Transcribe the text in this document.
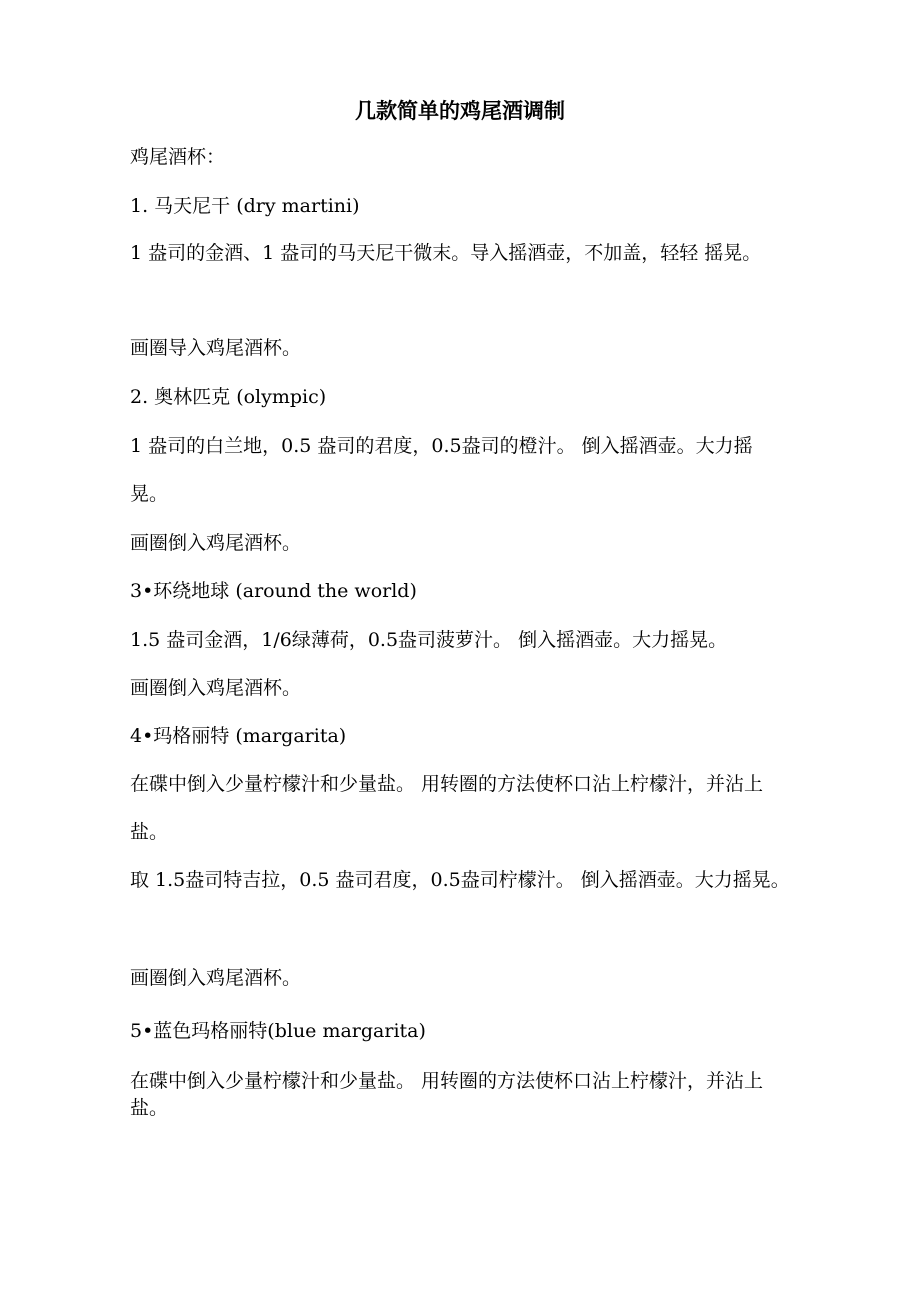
几款简单的鸡尾酒调制
鸡尾酒杯：
1. 马天尼干 (dry martini)
1 盎司的金酒、1 盎司的马天尼干微末。导入摇酒壶，不加盖，轻轻 摇晃。
画圈导入鸡尾酒杯。
2. 奥林匹克 (olympic)
1 盎司的白兰地，0.5 盎司的君度，0.5盎司的橙汁。 倒入摇酒壶。大力摇晃。
画圈倒入鸡尾酒杯。
3•环绕地球 (around the world)
1.5 盎司金酒，1/6绿薄荷，0.5盎司菠萝汁。 倒入摇酒壶。大力摇晃。
画圈倒入鸡尾酒杯。
4•玛格丽特 (margarita)
在碟中倒入少量柠檬汁和少量盐。 用转圈的方法使杯口沾上柠檬汁，并沾上盐。
取 1.5盎司特吉拉，0.5 盎司君度，0.5盎司柠檬汁。 倒入摇酒壶。大力摇晃。
画圈倒入鸡尾酒杯。
5•蓝色玛格丽特(blue margarita)
在碟中倒入少量柠檬汁和少量盐。 用转圈的方法使杯口沾上柠檬汁，并沾上盐。
